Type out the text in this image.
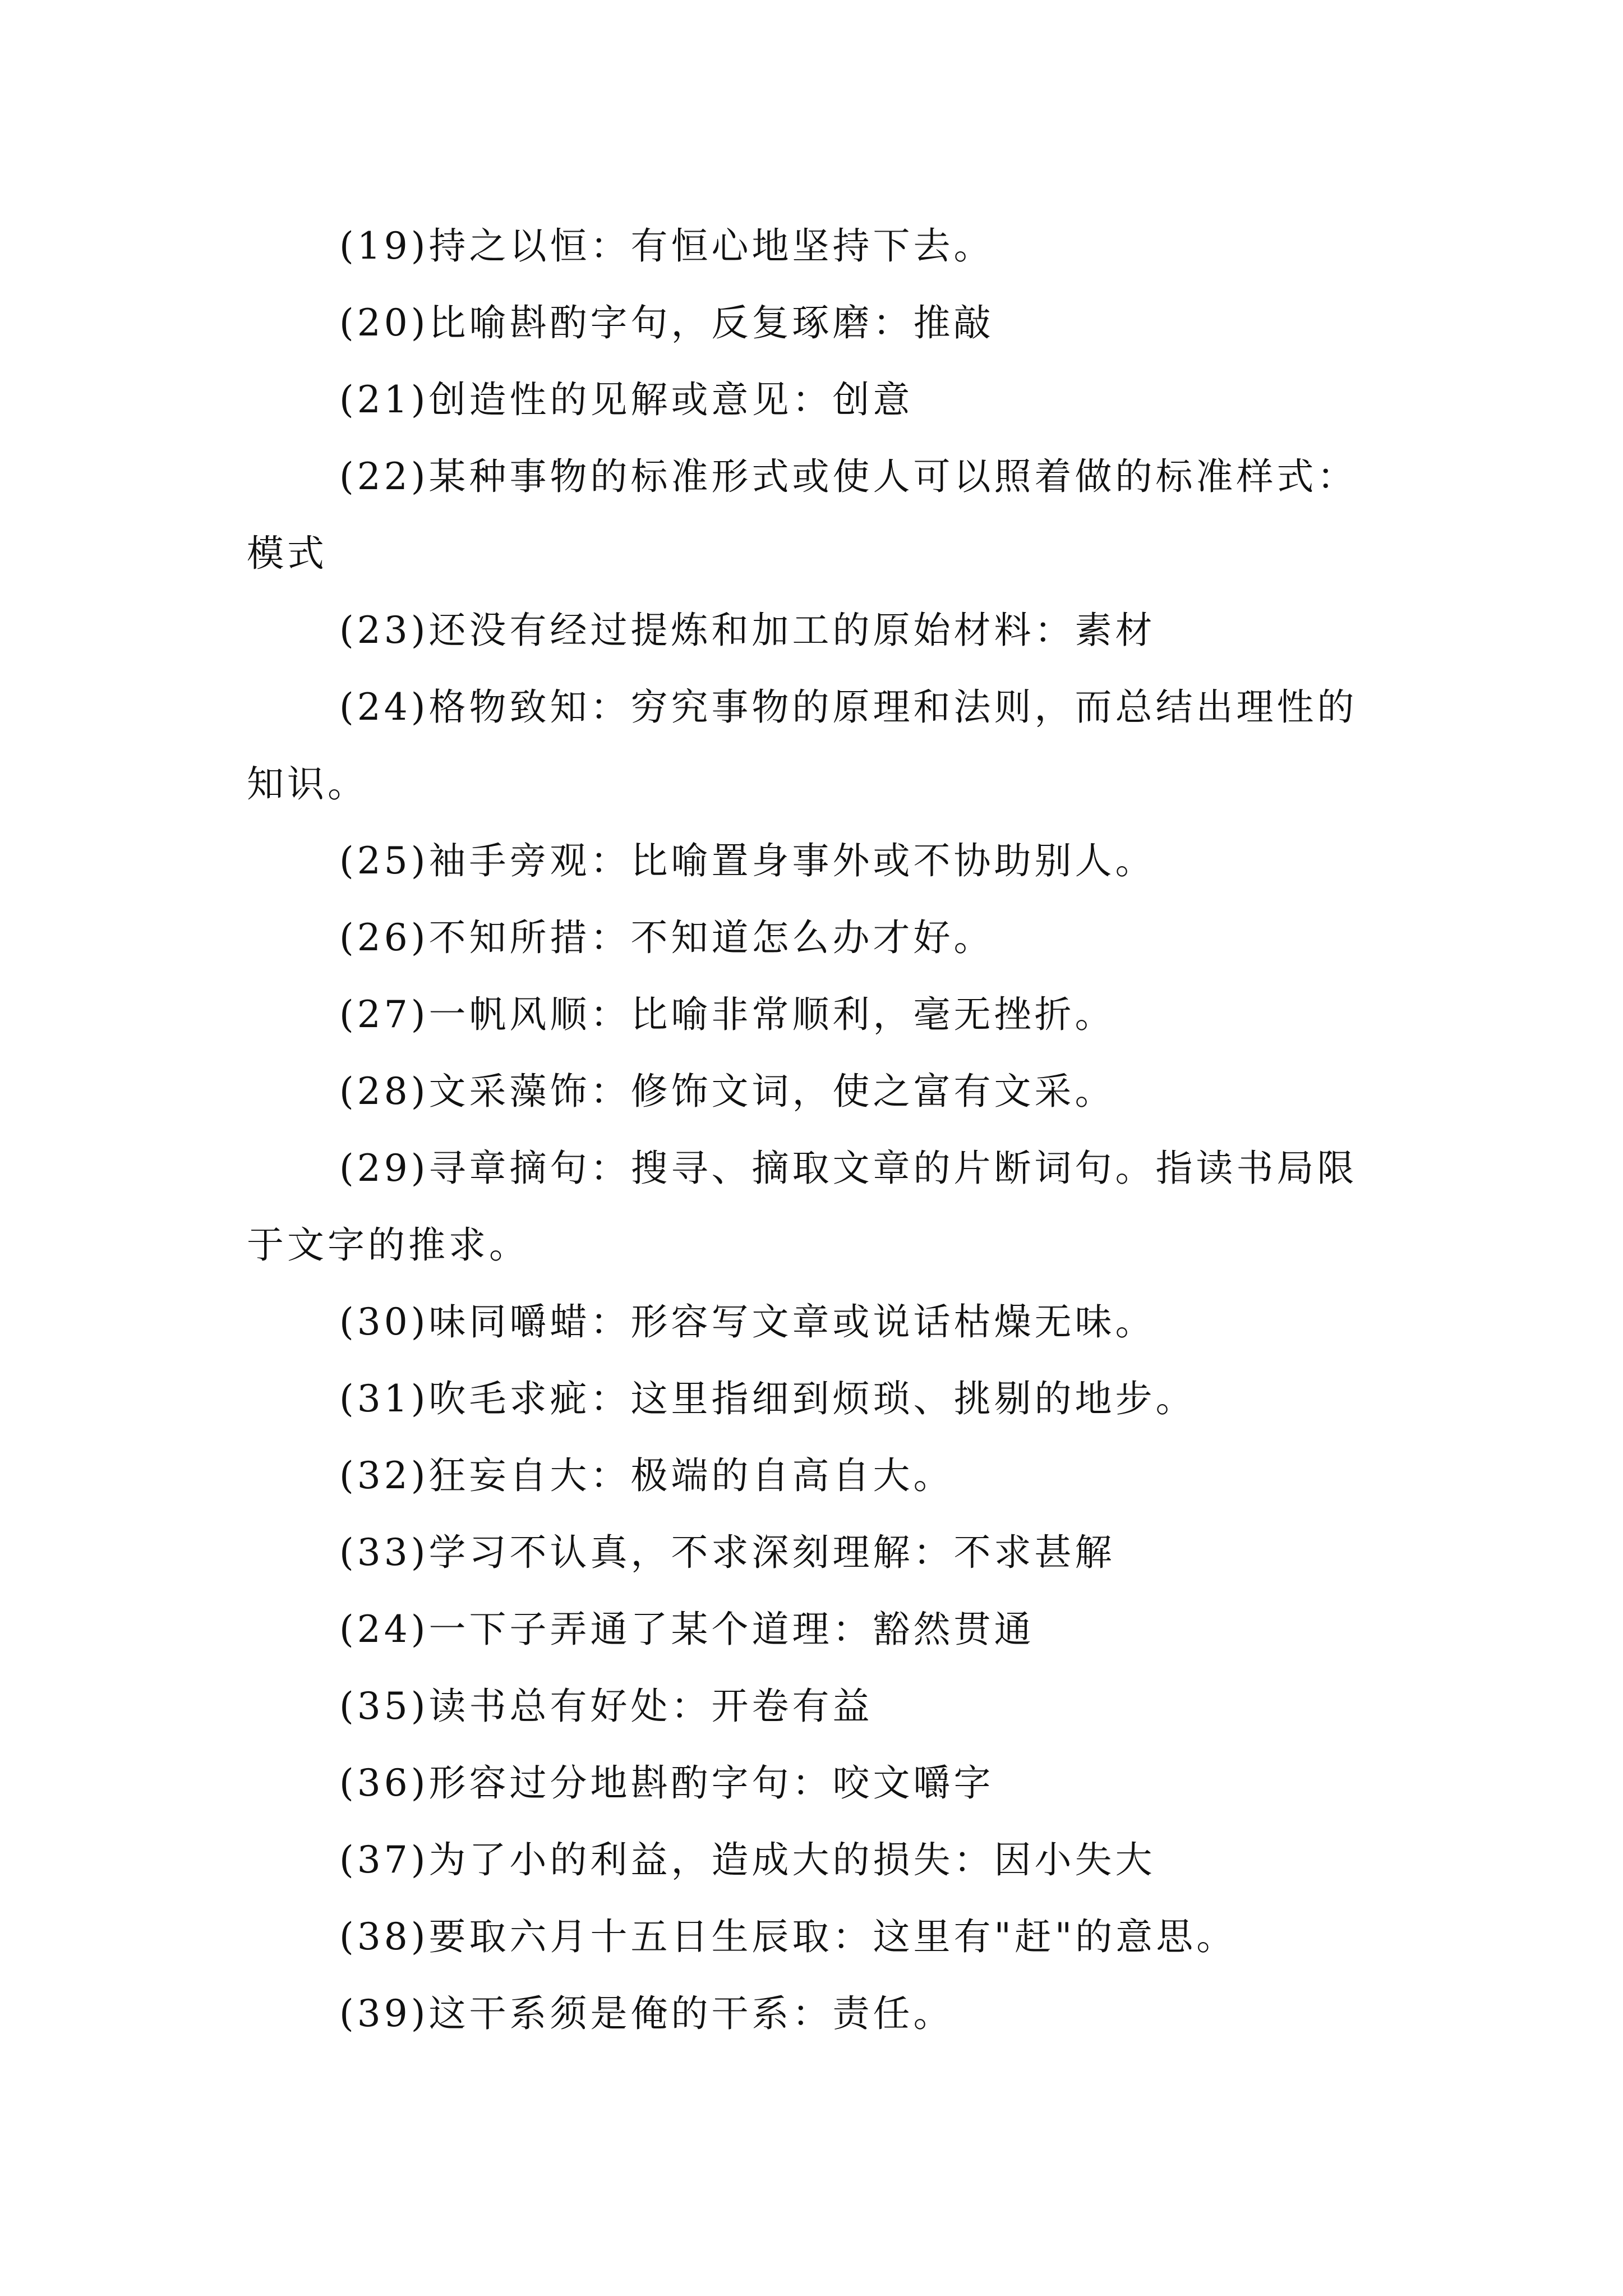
(19)持之以恒：有恒心地坚持下去。

(20)比喻斟酌字句，反复琢磨：推敲

(21)创造性的见解或意见：创意

(22)某种事物的标准形式或使人可以照着做的标准样式：模式

(23)还没有经过提炼和加工的原始材料：素材

(24)格物致知：穷究事物的原理和法则，而总结出理性的知识。

(25)袖手旁观：比喻置身事外或不协助别人。

(26)不知所措：不知道怎么办才好。

(27)一帆风顺：比喻非常顺利，毫无挫折。

(28)文采藻饰：修饰文词，使之富有文采。

(29)寻章摘句：搜寻、摘取文章的片断词句。指读书局限于文字的推求。

(30)味同嚼蜡：形容写文章或说话枯燥无味。

(31)吹毛求疵：这里指细到烦琐、挑剔的地步。

(32)狂妄自大：极端的自高自大。

(33)学习不认真，不求深刻理解：不求甚解

(24)一下子弄通了某个道理：豁然贯通

(35)读书总有好处：开卷有益

(36)形容过分地斟酌字句：咬文嚼字

(37)为了小的利益，造成大的损失：因小失大

(38)要取六月十五日生辰取：这里有"赶"的意思。

(39)这干系须是俺的干系：责任。
